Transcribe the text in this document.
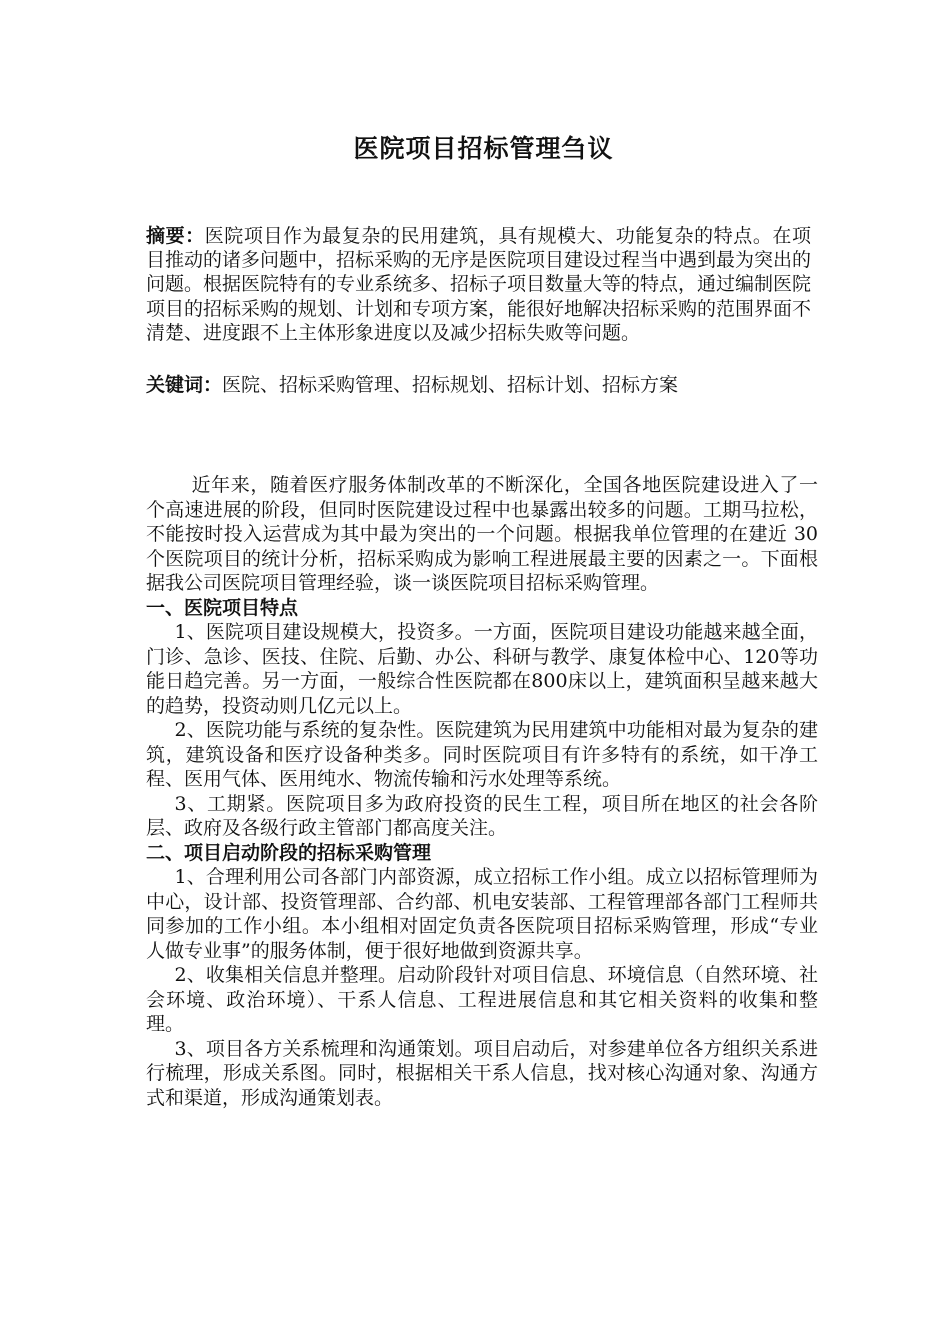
医院项目招标管理刍议

摘要：医院项目作为最复杂的民用建筑，具有规模大、功能复杂的特点。在项目推动的诸多问题中，招标采购的无序是医院项目建设过程当中遇到最为突出的问题。根据医院特有的专业系统多、招标子项目数量大等的特点，通过编制医院项目的招标采购的规划、计划和专项方案，能很好地解决招标采购的范围界面不清楚、进度跟不上主体形象进度以及减少招标失败等问题。

关键词：医院、招标采购管理、招标规划、招标计划、招标方案

近年来，随着医疗服务体制改革的不断深化，全国各地医院建设进入了一个高速进展的阶段，但同时医院建设过程中也暴露出较多的问题。工期马拉松，不能按时投入运营成为其中最为突出的一个问题。根据我单位管理的在建近 30个医院项目的统计分析，招标采购成为影响工程进展最主要的因素之一。下面根据我公司医院项目管理经验，谈一谈医院项目招标采购管理。

一、医院项目特点

1、医院项目建设规模大，投资多。一方面，医院项目建设功能越来越全面，门诊、急诊、医技、住院、后勤、办公、科研与教学、康复体检中心、120等功能日趋完善。另一方面，一般综合性医院都在800床以上，建筑面积呈越来越大的趋势，投资动则几亿元以上。

2、医院功能与系统的复杂性。医院建筑为民用建筑中功能相对最为复杂的建筑，建筑设备和医疗设备种类多。同时医院项目有许多特有的系统，如干净工程、医用气体、医用纯水、物流传输和污水处理等系统。

3、工期紧。医院项目多为政府投资的民生工程，项目所在地区的社会各阶层、政府及各级行政主管部门都高度关注。

二、项目启动阶段的招标采购管理

1、合理利用公司各部门内部资源，成立招标工作小组。成立以招标管理师为中心，设计部、投资管理部、合约部、机电安装部、工程管理部各部门工程师共同参加的工作小组。本小组相对固定负责各医院项目招标采购管理，形成“专业人做专业事”的服务体制，便于很好地做到资源共享。

2、收集相关信息并整理。启动阶段针对项目信息、环境信息（自然环境、社会环境、政治环境）、干系人信息、工程进展信息和其它相关资料的收集和整理。

3、项目各方关系梳理和沟通策划。项目启动后，对参建单位各方组织关系进行梳理，形成关系图。同时，根据相关干系人信息，找对核心沟通对象、沟通方式和渠道，形成沟通策划表。
